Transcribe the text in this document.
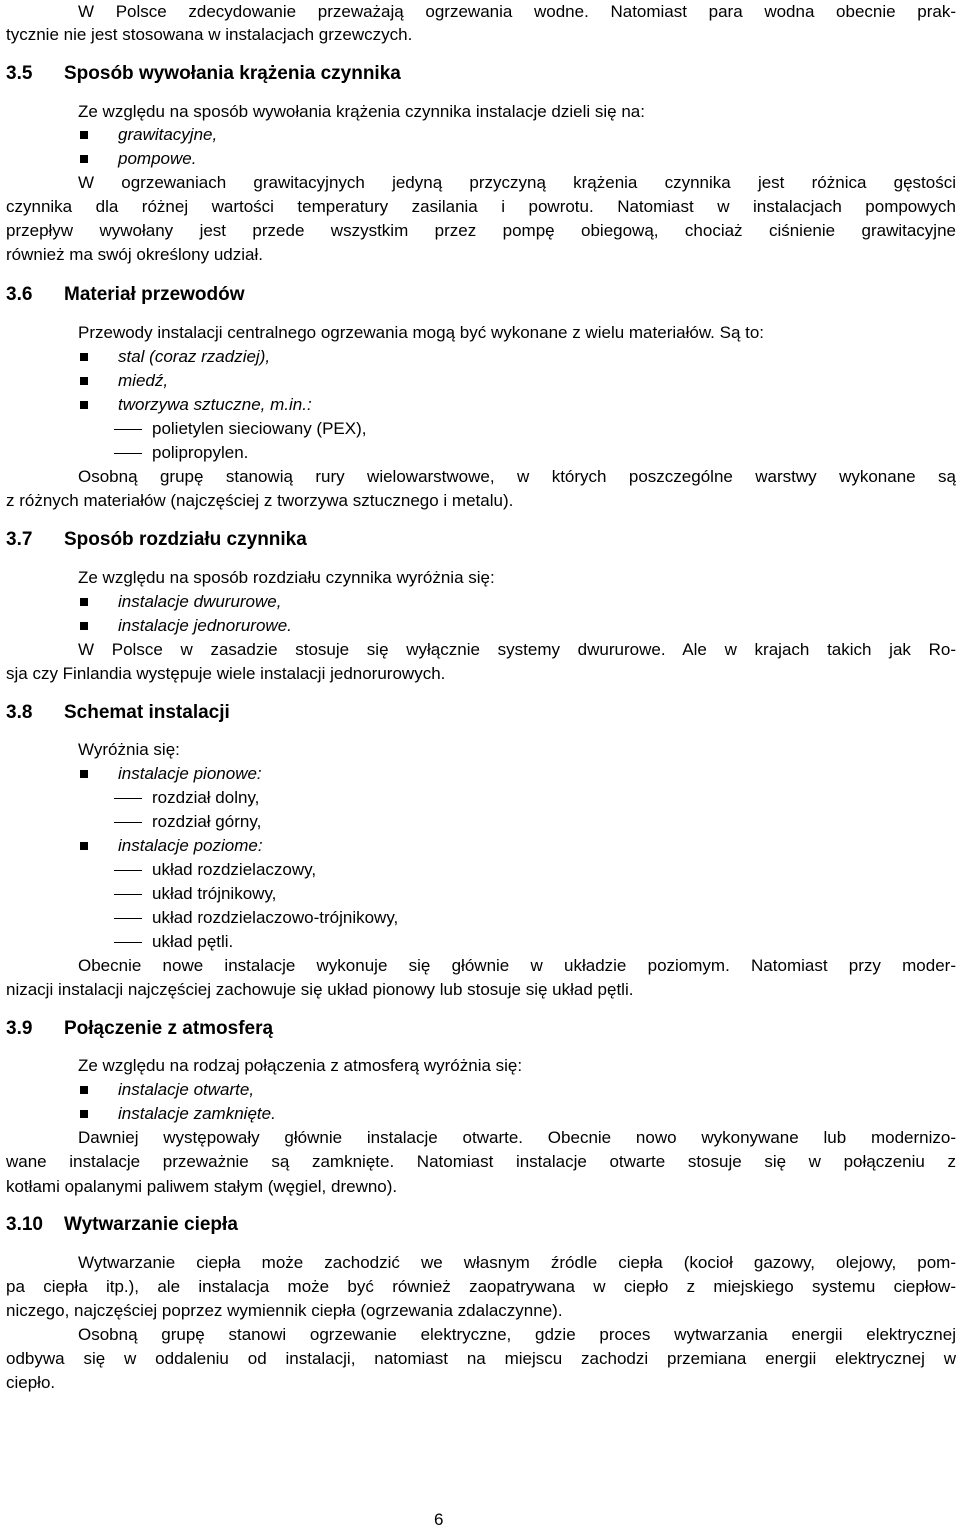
W Polsce zdecydowanie przeważają ogrzewania wodne. Natomiast para wodna obecnie prak-
tycznie nie jest stosowana w instalacjach grzewczych.
3.5 Sposób wywołania krążenia czynnika
Ze względu na sposób wywołania krążenia czynnika instalacje dzieli się na:
grawitacyjne,
pompowe.
W ogrzewaniach grawitacyjnych jedyną przyczyną krążenia czynnika jest różnica gęstości
czynnika dla różnej wartości temperatury zasilania i powrotu. Natomiast w instalacjach pompowych
przepływ wywołany jest przede wszystkim przez pompę obiegową, chociaż ciśnienie grawitacyjne
również ma swój określony udział.
3.6 Materiał przewodów
Przewody instalacji centralnego ogrzewania mogą być wykonane z wielu materiałów. Są to:
stal (coraz rzadziej),
miedź,
tworzywa sztuczne, m.in.:
polietylen sieciowany (PEX),
polipropylen.
Osobną grupę stanowią rury wielowarstwowe, w których poszczególne warstwy wykonane są
z różnych materiałów (najczęściej z tworzywa sztucznego i metalu).
3.7 Sposób rozdziału czynnika
Ze względu na sposób rozdziału czynnika wyróżnia się:
instalacje dwururowe,
instalacje jednorurowe.
W Polsce w zasadzie stosuje się wyłącznie systemy dwururowe. Ale w krajach takich jak Ro-
sja czy Finlandia występuje wiele instalacji jednorurowych.
3.8 Schemat instalacji
Wyróżnia się:
instalacje pionowe:
rozdział dolny,
rozdział górny,
instalacje poziome:
układ rozdzielaczowy,
układ trójnikowy,
układ rozdzielaczowo-trójnikowy,
układ pętli.
Obecnie nowe instalacje wykonuje się głównie w układzie poziomym. Natomiast przy moder-
nizacji instalacji najczęściej zachowuje się układ pionowy lub stosuje się układ pętli.
3.9 Połączenie z atmosferą
Ze względu na rodzaj połączenia z atmosferą wyróżnia się:
instalacje otwarte,
instalacje zamknięte.
Dawniej występowały głównie instalacje otwarte. Obecnie nowo wykonywane lub modernizo-
wane instalacje przeważnie są zamknięte. Natomiast instalacje otwarte stosuje się w połączeniu z
kotłami opalanymi paliwem stałym (węgiel, drewno).
3.10 Wytwarzanie ciepła
Wytwarzanie ciepła może zachodzić we własnym źródle ciepła (kocioł gazowy, olejowy, pom-
pa ciepła itp.), ale instalacja może być również zaopatrywana w ciepło z miejskiego systemu ciepłow-
niczego, najczęściej poprzez wymiennik ciepła (ogrzewania zdalaczynne).
Osobną grupę stanowi ogrzewanie elektryczne, gdzie proces wytwarzania energii elektrycznej
odbywa się w oddaleniu od instalacji, natomiast na miejscu zachodzi przemiana energii elektrycznej w
ciepło.
6
